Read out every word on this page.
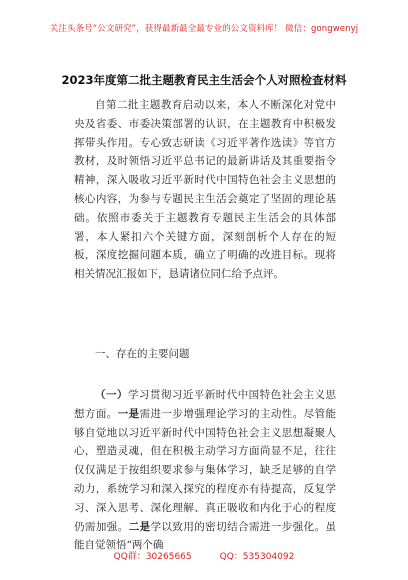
关注头条号“公文研究”，获得最新最全最专业的公文资料库！ 微信：gongwenyj
2023年度第二批主题教育民主生活会个人对照检查材料
自第二批主题教育启动以来，本人不断深化对党中央及省委、市委决策部署的认识，在主题教育中积极发挥带头作用。专心致志研读《习近平著作选读》等官方教材，及时领悟习近平总书记的最新讲话及其重要指令精神，深入吸收习近平新时代中国特色社会主义思想的核心内容，为参与专题民主生活会奠定了坚固的理论基础。依照市委关于主题教育专题民主生活会的具体部署，本人紧扣六个关键方面，深刻剖析个人存在的短板，深度挖掘问题本质，确立了明确的改进目标。现将相关情况汇报如下，恳请诸位同仁给予点评。
一、存在的主要问题
（一）学习贯彻习近平新时代中国特色社会主义思想方面。一是需进一步增强理论学习的主动性。尽管能够自觉地以习近平新时代中国特色社会主义思想凝聚人心，塑造灵魂，但在积极主动学习方面尚显不足，往往仅仅满足于按组织要求参与集体学习，缺乏足够的自学动力，系统学习和深入探究的程度亦有待提高，反复学习、深入思考、深化理解、真正吸收和内化于心的程度仍需加强。二是学以致用的密切结合需进一步强化。虽能自觉领悟“两个确
QQ群：30265665	QQ：535304092
